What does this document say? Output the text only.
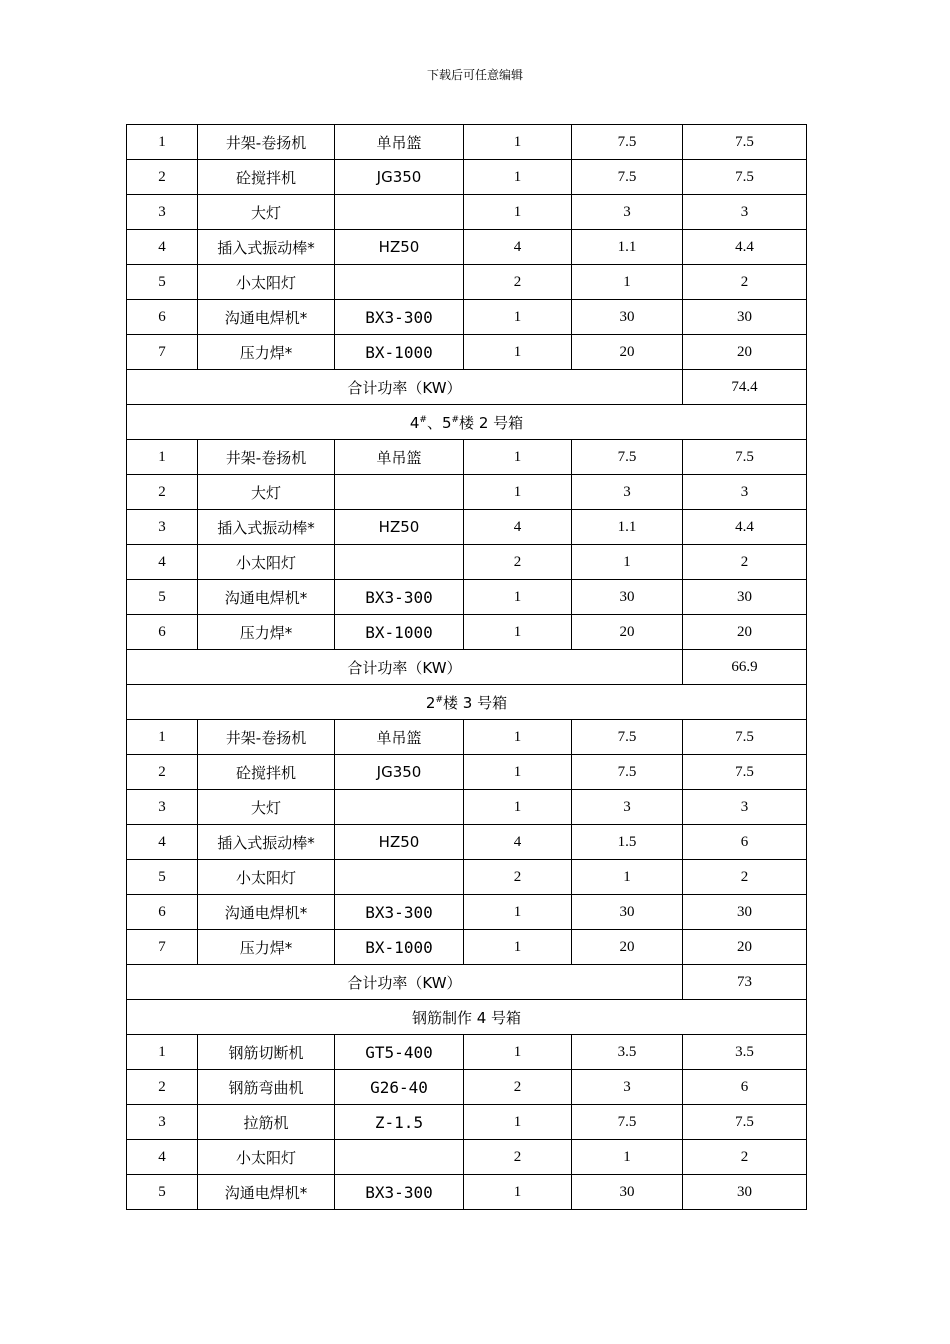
下载后可任意编辑
1	井架-卷扬机	单吊篮	1	7.5	7.5
2	砼搅拌机	JG350	1	7.5	7.5
3	大灯		1	3	3
4	插入式振动棒*	HZ50	4	1.1	4.4
5	小太阳灯		2	1	2
6	沟通电焊机*	BX3-300	1	30	30
7	压力焊*	BX-1000	1	20	20
合计功率（KW）					74.4
4#、5#楼 2 号箱					
1	井架-卷扬机	单吊篮	1	7.5	7.5
2	大灯		1	3	3
3	插入式振动棒*	HZ50	4	1.1	4.4
4	小太阳灯		2	1	2
5	沟通电焊机*	BX3-300	1	30	30
6	压力焊*	BX-1000	1	20	20
合计功率（KW）					66.9
2#楼 3 号箱					
1	井架-卷扬机	单吊篮	1	7.5	7.5
2	砼搅拌机	JG350	1	7.5	7.5
3	大灯		1	3	3
4	插入式振动棒*	HZ50	4	1.5	6
5	小太阳灯		2	1	2
6	沟通电焊机*	BX3-300	1	30	30
7	压力焊*	BX-1000	1	20	20
合计功率（KW）					73
钢筋制作 4 号箱					
1	钢筋切断机	GT5-400	1	3.5	3.5
2	钢筋弯曲机	G26-40	2	3	6
3	拉筋机	Z-1.5	1	7.5	7.5
4	小太阳灯		2	1	2
5	沟通电焊机*	BX3-300	1	30	30
